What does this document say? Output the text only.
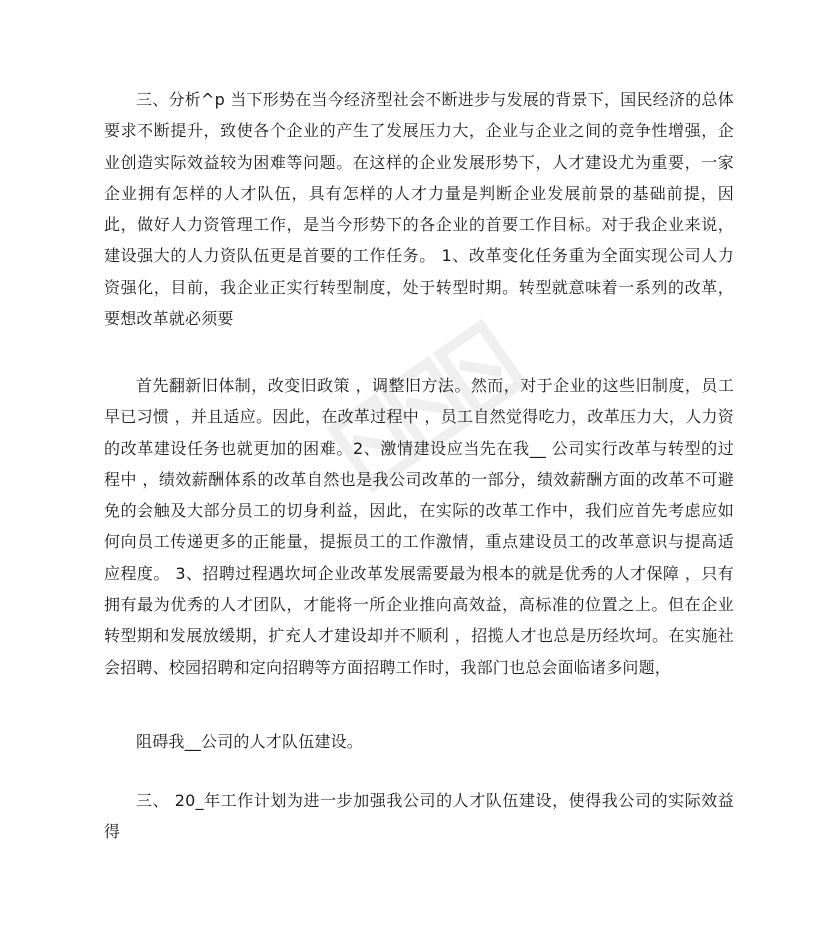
三、分析^p 当下形势在当今经济型社会不断进步与发展的背景下，国民经济的总体要求不断提升，致使各个企业的产生了发展压力大，企业与企业之间的竞争性增强，企业创造实际效益较为困难等问题。在这样的企业发展形势下，人才建设尤为重要，一家企业拥有怎样的人才队伍，具有怎样的人才力量是判断企业发展前景的基础前提，因此，做好人力资管理工作，是当今形势下的各企业的首要工作目标。对于我企业来说，建设强大的人力资队伍更是首要的工作任务。 1、改革变化任务重为全面实现公司人力资强化，目前，我企业正实行转型制度，处于转型时期。转型就意味着一系列的改革，要想改革就必须要

首先翻新旧体制，改变旧政策 ，调整旧方法。然而，对于企业的这些旧制度，员工早已习惯 ，并且适应。因此，在改革过程中 ，员工自然觉得吃力，改革压力大，人力资的改革建设任务也就更加的困难。2、激情建设应当先在我__ 公司实行改革与转型的过程中 ，绩效薪酬体系的改革自然也是我公司改革的一部分，绩效薪酬方面的改革不可避免的会触及大部分员工的切身利益，因此，在实际的改革工作中，我们应首先考虑应如何向员工传递更多的正能量，提振员工的工作激情，重点建设员工的改革意识与提高适应程度。 3、招聘过程遇坎坷企业改革发展需要最为根本的就是优秀的人才保障 ，只有拥有最为优秀的人才团队，才能将一所企业推向高效益，高标准的位置之上。但在企业转型期和发展放缓期，扩充人才建设却并不顺利 ，招揽人才也总是历经坎坷。在实施社会招聘、校园招聘和定向招聘等方面招聘工作时，我部门也总会面临诸多问题，

阻碍我__公司的人才队伍建设。

三、 20_年工作计划为进一步加强我公司的人才队伍建设，使得我公司的实际效益得
